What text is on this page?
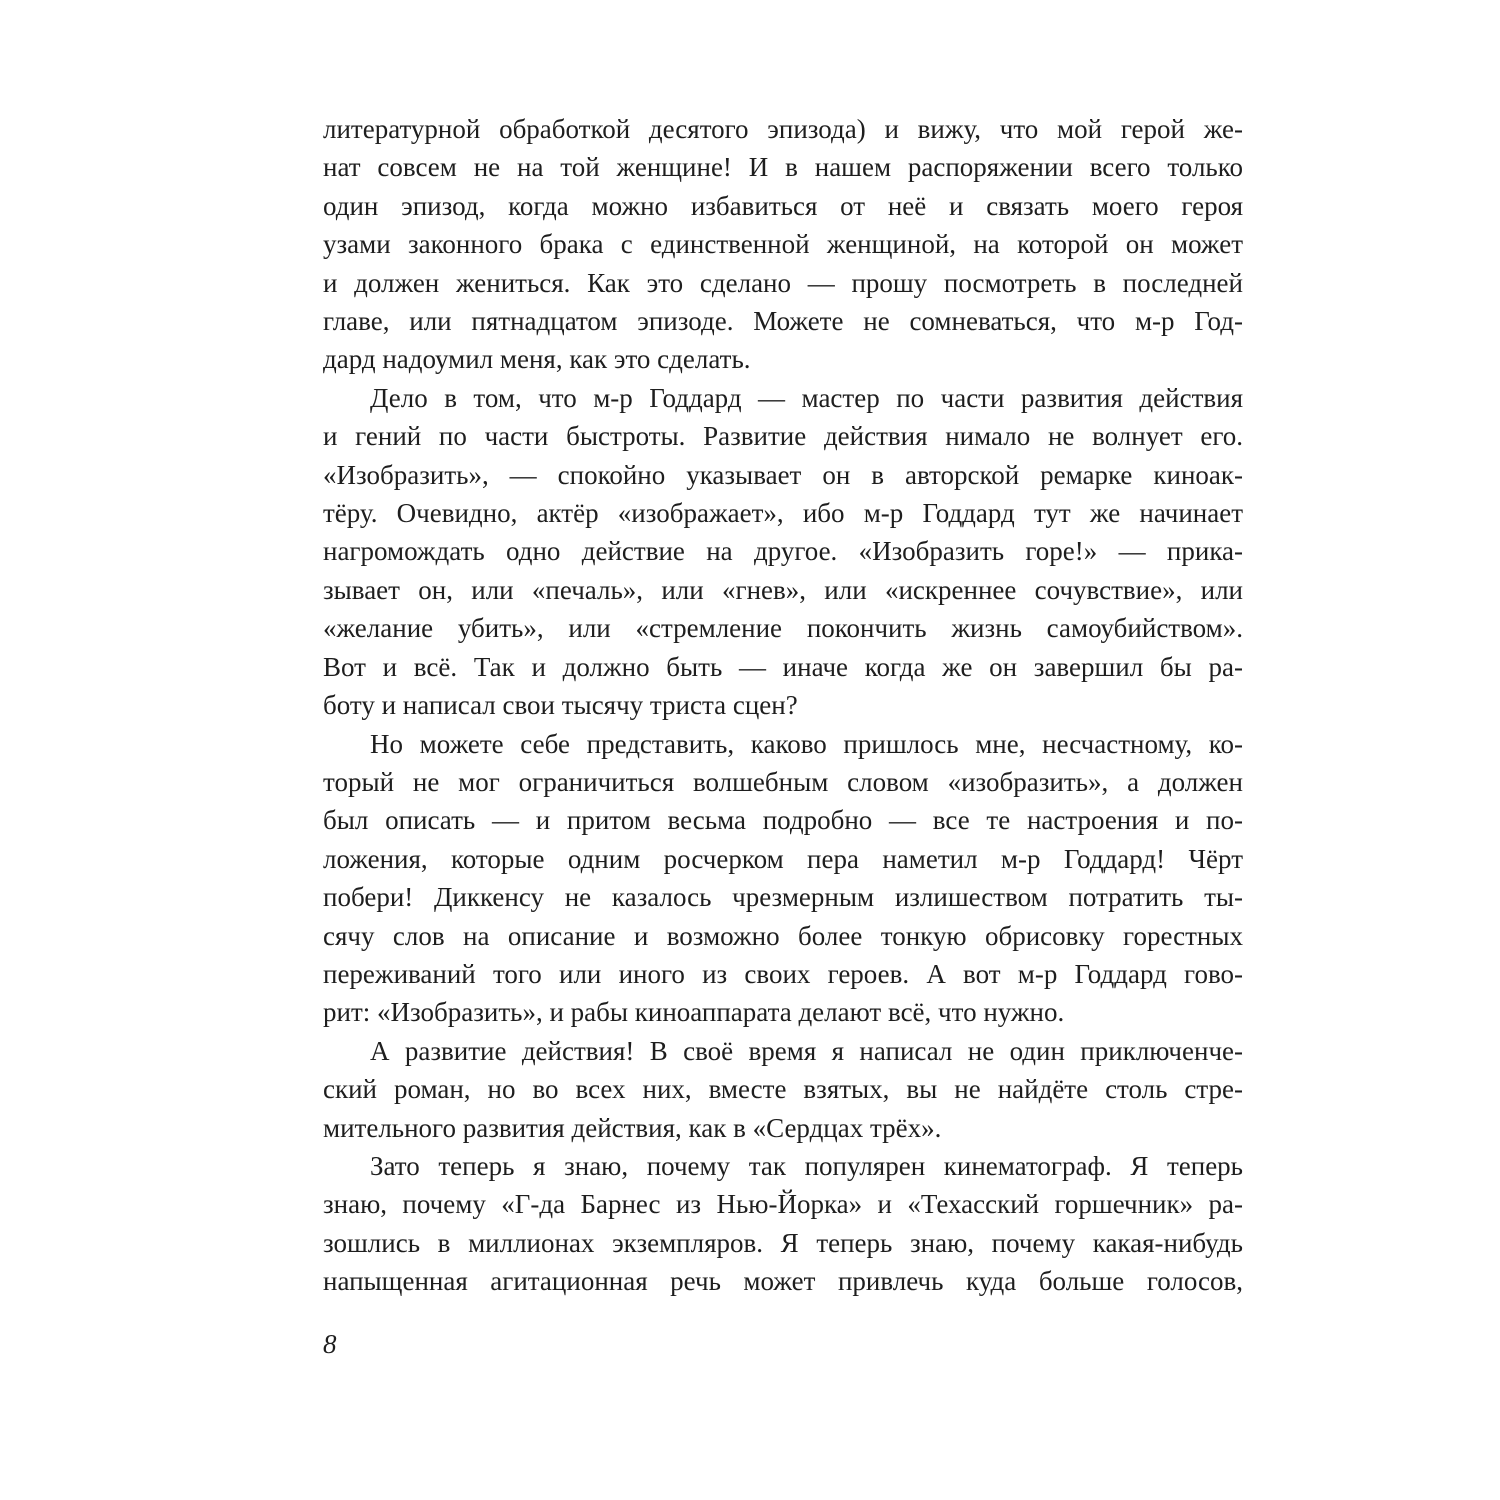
литературной обработкой десятого эпизода) и вижу, что мой герой же-
нат совсем не на той женщине! И в нашем распоряжении всего только
один эпизод, когда можно избавиться от неё и связать моего героя
узами законного брака с единственной женщиной, на которой он может
и должен жениться. Как это сделано — прошу посмотреть в последней
главе, или пятнадцатом эпизоде. Можете не сомневаться, что м-р Год-
дард надоумил меня, как это сделать.
Дело в том, что м-р Годдард — мастер по части развития действия
и гений по части быстроты. Развитие действия нимало не волнует его.
«Изобразить», — спокойно указывает он в авторской ремарке киноак-
тёру. Очевидно, актёр «изображает», ибо м-р Годдард тут же начинает
нагромождать одно действие на другое. «Изобразить горе!» — прика-
зывает он, или «печаль», или «гнев», или «искреннее сочувствие», или
«желание убить», или «стремление покончить жизнь самоубийством».
Вот и всё. Так и должно быть — иначе когда же он завершил бы ра-
боту и написал свои тысячу триста сцен?
Но можете себе представить, каково пришлось мне, несчастному, ко-
торый не мог ограничиться волшебным словом «изобразить», а должен
был описать — и притом весьма подробно — все те настроения и по-
ложения, которые одним росчерком пера наметил м-р Годдард! Чёрт
побери! Диккенсу не казалось чрезмерным излишеством потратить ты-
сячу слов на описание и возможно более тонкую обрисовку горестных
переживаний того или иного из своих героев. А вот м-р Годдард гово-
рит: «Изобразить», и рабы киноаппарата делают всё, что нужно.
А развитие действия! В своё время я написал не один приключенче-
ский роман, но во всех них, вместе взятых, вы не найдёте столь стре-
мительного развития действия, как в «Сердцах трёх».
Зато теперь я знаю, почему так популярен кинематограф. Я теперь
знаю, почему «Г-да Барнес из Нью-Йорка» и «Техасский горшечник» ра-
зошлись в миллионах экземпляров. Я теперь знаю, почему какая-нибудь
напыщенная агитационная речь может привлечь куда больше голосов,
8
